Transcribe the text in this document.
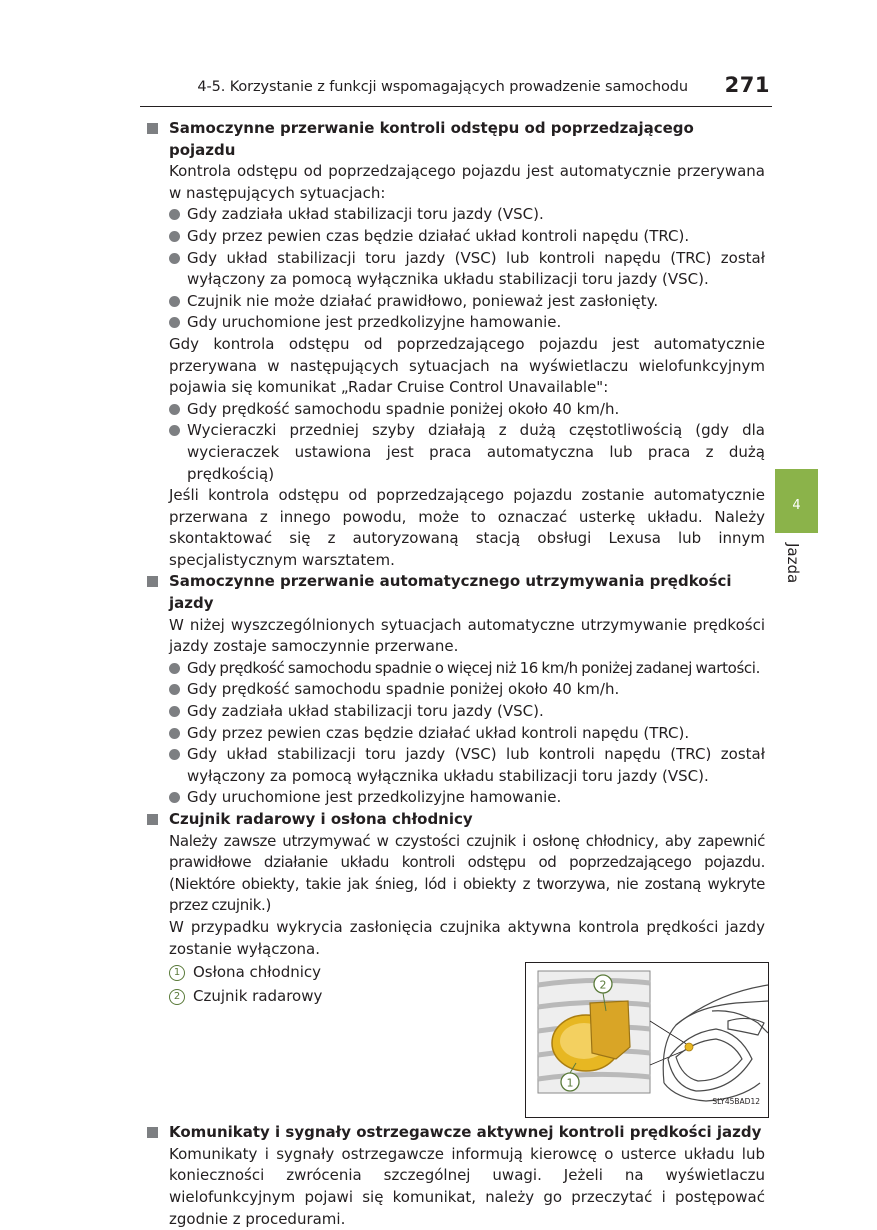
4-5. Korzystanie z funkcji wspomagających prowadzenie samochodu 271
4
Jazda
Samoczynne przerwanie kontroli odstępu od poprzedzającego pojazdu
Kontrola odstępu od poprzedzającego pojazdu jest automatycznie przerywana w następujących sytuacjach:
Gdy zadziała układ stabilizacji toru jazdy (VSC).
Gdy przez pewien czas będzie działać układ kontroli napędu (TRC).
Gdy układ stabilizacji toru jazdy (VSC) lub kontroli napędu (TRC) został wyłączony za pomocą wyłącznika układu stabilizacji toru jazdy (VSC).
Czujnik nie może działać prawidłowo, ponieważ jest zasłonięty.
Gdy uruchomione jest przedkolizyjne hamowanie.
Gdy kontrola odstępu od poprzedzającego pojazdu jest automatycznie przerywana w następujących sytuacjach na wyświetlaczu wielofunkcyjnym pojawia się komunikat „Radar Cruise Control Unavailable":
Gdy prędkość samochodu spadnie poniżej około 40 km/h.
Wycieraczki przedniej szyby działają z dużą częstotliwością (gdy dla wycieraczek ustawiona jest praca automatyczna lub praca z dużą prędkością)
Jeśli kontrola odstępu od poprzedzającego pojazdu zostanie automatycznie przerwana z innego powodu, może to oznaczać usterkę układu. Należy skontaktować się z autoryzowaną stacją obsługi Lexusa lub innym specjalistycznym warsztatem.
Samoczynne przerwanie automatycznego utrzymywania prędkości jazdy
W niżej wyszczególnionych sytuacjach automatyczne utrzymywanie prędkości jazdy zostaje samoczynnie przerwane.
Gdy prędkość samochodu spadnie o więcej niż 16 km/h poniżej zadanej wartości.
Gdy prędkość samochodu spadnie poniżej około 40 km/h.
Gdy zadziała układ stabilizacji toru jazdy (VSC).
Gdy przez pewien czas będzie działać układ kontroli napędu (TRC).
Gdy układ stabilizacji toru jazdy (VSC) lub kontroli napędu (TRC) został wyłączony za pomocą wyłącznika układu stabilizacji toru jazdy (VSC).
Gdy uruchomione jest przedkolizyjne hamowanie.
Czujnik radarowy i osłona chłodnicy
Należy zawsze utrzymywać w czystości czujnik i osłonę chłodnicy, aby zapewnić prawidłowe działanie układu kontroli odstępu od poprzedzającego pojazdu. (Niektóre obiekty, takie jak śnieg, lód i obiekty z tworzywa, nie zostaną wykryte przez czujnik.)
W przypadku wykrycia zasłonięcia czujnika aktywna kontrola prędkości jazdy zostanie wyłączona.
1 Osłona chłodnicy
2 Czujnik radarowy
2
1
SLY45BAD12
Komunikaty i sygnały ostrzegawcze aktywnej kontroli prędkości jazdy
Komunikaty i sygnały ostrzegawcze informują kierowcę o usterce układu lub konieczności zwrócenia szczególnej uwagi. Jeżeli na wyświetlaczu wielofunkcyjnym pojawi się komunikat, należy go przeczytać i postępować zgodnie z procedurami.
